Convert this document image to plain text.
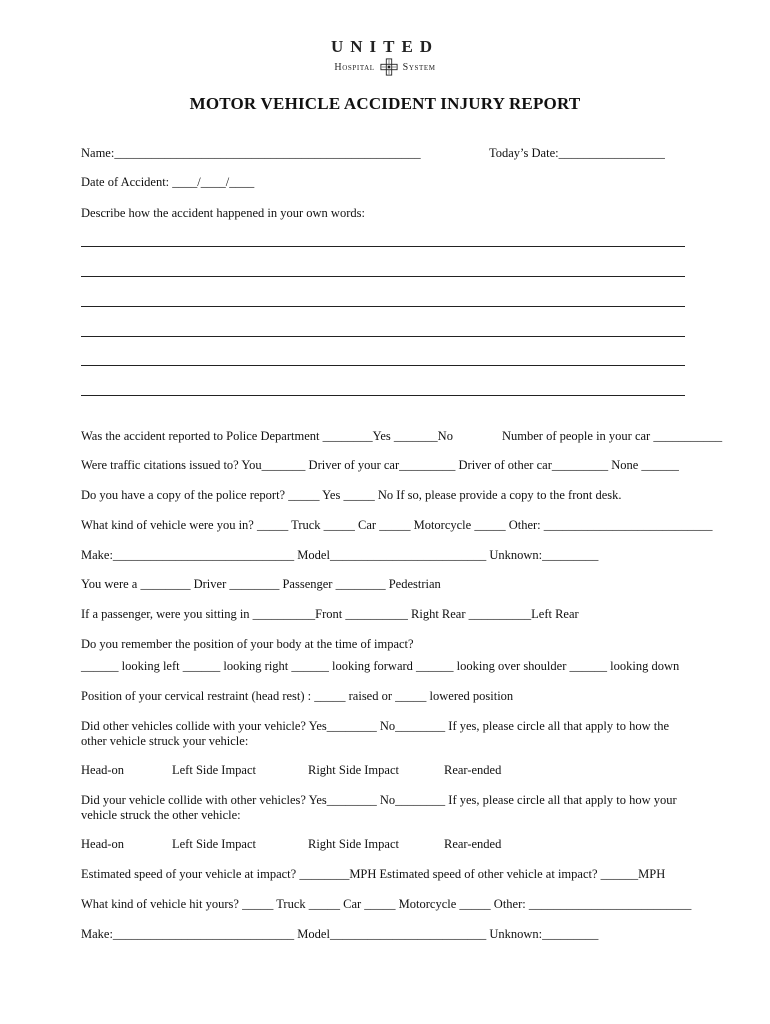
UNITED
Hospital	System
MOTOR VEHICLE ACCIDENT INJURY REPORT
Name:_________________________________________________	Today’s Date:_________________
Date of Accident: ____/____/____
Describe how the accident happened in your own words:
Was the accident reported to Police Department ________Yes _______No	Number of people in your car ___________
Were traffic citations issued to? You_______ Driver of your car_________ Driver of other car_________ None ______
Do you have a copy of the police report? _____ Yes _____ No If so, please provide a copy to the front desk.
What kind of vehicle were you in? _____ Truck _____ Car _____ Motorcycle _____ Other: ___________________________
Make:_____________________________ Model_________________________ Unknown:_________
You were a ________ Driver ________ Passenger ________ Pedestrian
If a passenger, were you sitting in __________Front __________ Right Rear __________Left Rear
Do you remember the position of your body at the time of impact?
______ looking left ______ looking right ______ looking forward ______ looking over shoulder ______ looking down
Position of your cervical restraint (head rest) : _____ raised or _____ lowered position
Did other vehicles collide with your vehicle? Yes________ No________ If yes, please circle all that apply to how the
other vehicle struck your vehicle:
Head-on	Left Side Impact	Right Side Impact	Rear-ended
Did your vehicle collide with other vehicles? Yes________ No________ If yes, please circle all that apply to how your
vehicle struck the other vehicle:
Head-on	Left Side Impact	Right Side Impact	Rear-ended
Estimated speed of your vehicle at impact? ________MPH Estimated speed of other vehicle at impact? ______MPH
What kind of vehicle hit yours? _____ Truck _____ Car _____ Motorcycle _____ Other: __________________________
Make:_____________________________ Model_________________________ Unknown:_________
